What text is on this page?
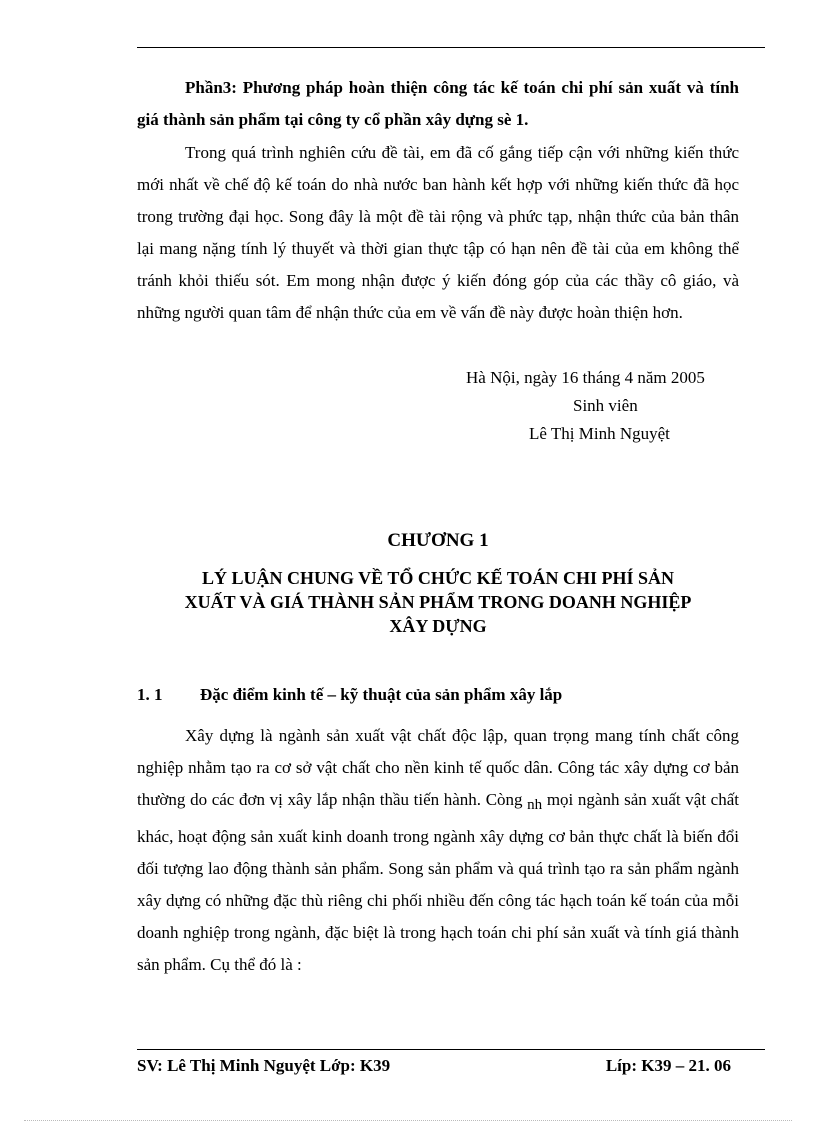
Phần3: Phương pháp hoàn thiện công tác kế toán chi phí sản xuất và tính giá thành sản phẩm tại công ty cổ phần xây dựng sè 1.

Trong quá trình nghiên cứu đề tài, em đã cố gắng tiếp cận với những kiến thức mới nhất về chế độ kế toán do nhà nước ban hành kết hợp với những kiến thức đã học trong trường đại học. Song đây là một đề tài rộng và phức tạp, nhận thức của bản thân lại mang nặng tính lý thuyết và thời gian thực tập có hạn nên đề tài của em không thể tránh khỏi thiếu sót. Em mong nhận được ý kiến đóng góp của các thầy cô giáo, và những người quan tâm để nhận thức của em về vấn đề này được hoàn thiện hơn.

Hà Nội, ngày 16 tháng 4 năm 2005
Sinh viên
Lê Thị Minh Nguyệt
CHƯƠNG 1
LÝ LUẬN CHUNG VỀ TỔ CHỨC KẾ TOÁN CHI PHÍ SẢN
XUẤT VÀ GIÁ THÀNH SẢN PHẨM TRONG DOANH NGHIỆP
XÂY DỰNG
1. 1 Đặc điểm kinh tế – kỹ thuật của sản phẩm xây lắp

Xây dựng là ngành sản xuất vật chất độc lập, quan trọng mang tính chất công nghiệp nhằm tạo ra cơ sở vật chất cho nền kinh tế quốc dân. Công tác xây dựng cơ bản thường do các đơn vị xây lắp nhận thầu tiến hành. Còng nh mọi ngành sản xuất vật chất khác, hoạt động sản xuất kinh doanh trong ngành xây dựng cơ bản thực chất là biến đổi đối tượng lao động thành sản phẩm. Song sản phẩm và quá trình tạo ra sản phẩm ngành xây dựng có những đặc thù riêng chi phối nhiều đến công tác hạch toán kế toán của mỗi doanh nghiệp trong ngành, đặc biệt là trong hạch toán chi phí sản xuất và tính giá thành sản phẩm. Cụ thể đó là :

SV: Lê Thị Minh Nguyệt Lớp: K39	Líp: K39 – 21. 06
